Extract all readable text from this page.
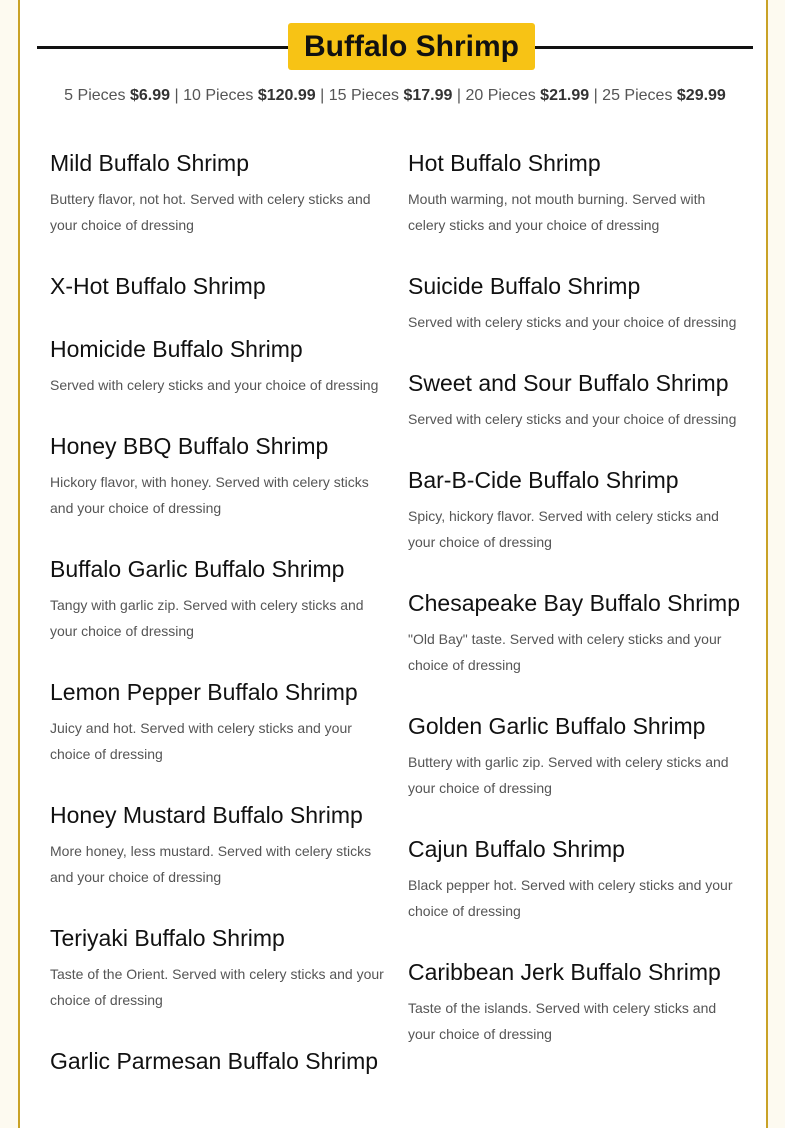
Buffalo Shrimp
5 Pieces $6.99 | 10 Pieces $120.99 | 15 Pieces $17.99 | 20 Pieces $21.99 | 25 Pieces $29.99
Mild Buffalo Shrimp

Buttery flavor, not hot. Served with celery sticks and your choice of dressing

X-Hot Buffalo Shrimp
Homicide Buffalo Shrimp

Served with celery sticks and your choice of dressing

Honey BBQ Buffalo Shrimp

Hickory flavor, with honey. Served with celery sticks and your choice of dressing

Buffalo Garlic Buffalo Shrimp

Tangy with garlic zip. Served with celery sticks and your choice of dressing

Lemon Pepper Buffalo Shrimp

Juicy and hot. Served with celery sticks and your choice of dressing

Honey Mustard Buffalo Shrimp

More honey, less mustard. Served with celery sticks and your choice of dressing

Teriyaki Buffalo Shrimp

Taste of the Orient. Served with celery sticks and your choice of dressing

Garlic Parmesan Buffalo Shrimp
Hot Buffalo Shrimp

Mouth warming, not mouth burning. Served with celery sticks and your choice of dressing

Suicide Buffalo Shrimp

Served with celery sticks and your choice of dressing

Sweet and Sour Buffalo Shrimp

Served with celery sticks and your choice of dressing

Bar-B-Cide Buffalo Shrimp

Spicy, hickory flavor. Served with celery sticks and your choice of dressing

Chesapeake Bay Buffalo Shrimp

"Old Bay" taste. Served with celery sticks and your choice of dressing

Golden Garlic Buffalo Shrimp

Buttery with garlic zip. Served with celery sticks and your choice of dressing

Cajun Buffalo Shrimp

Black pepper hot. Served with celery sticks and your choice of dressing

Caribbean Jerk Buffalo Shrimp

Taste of the islands. Served with celery sticks and your choice of dressing
